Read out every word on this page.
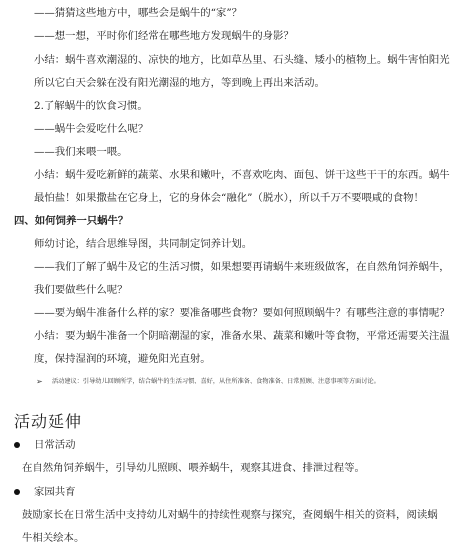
——猜猜这些地方中，哪些会是蜗牛的“家”？
——想一想，平时你们经常在哪些地方发现蜗牛的身影？
小结：蜗牛喜欢潮湿的、凉快的地方，比如草丛里、石头缝、矮小的植物上。蜗牛害怕阳光
所以它白天会躲在没有阳光潮湿的地方，等到晚上再出来活动。
2.了解蜗牛的饮食习惯。
——蜗牛会爱吃什么呢？
——我们来喂一喂。
小结：蜗牛爱吃新鲜的蔬菜、水果和嫩叶，不喜欢吃肉、面包、饼干这些干干的东西。蜗牛
最怕盐！如果撒盐在它身上，它的身体会“融化”（脱水），所以千万不要喂咸的食物！
四、如何饲养一只蜗牛？
师幼讨论，结合思维导图，共同制定饲养计划。
——我们了解了蜗牛及它的生活习惯，如果想要再请蜗牛来班级做客，在自然角饲养蜗牛，
我们要做些什么呢？
——要为蜗牛准备什么样的家？要准备哪些食物？要如何照顾蜗牛？有哪些注意的事情呢？
小结：要为蜗牛准备一个阴暗潮湿的家，准备水果、蔬菜和嫩叶等食物，平常还需要关注温
度，保持湿润的环境，避免阳光直射。
➢ 活动建议：引导幼儿回顾所学，结合蜗牛的生活习惯、喜好，从住所准备、食物准备、日常照顾、注意事项等方面讨论。
活动延伸
日常活动
在自然角饲养蜗牛，引导幼儿照顾、喂养蜗牛，观察其进食、排泄过程等。
家园共育
鼓励家长在日常生活中支持幼儿对蜗牛的持续性观察与探究，查阅蜗牛相关的资料，阅读蜗
牛相关绘本。
